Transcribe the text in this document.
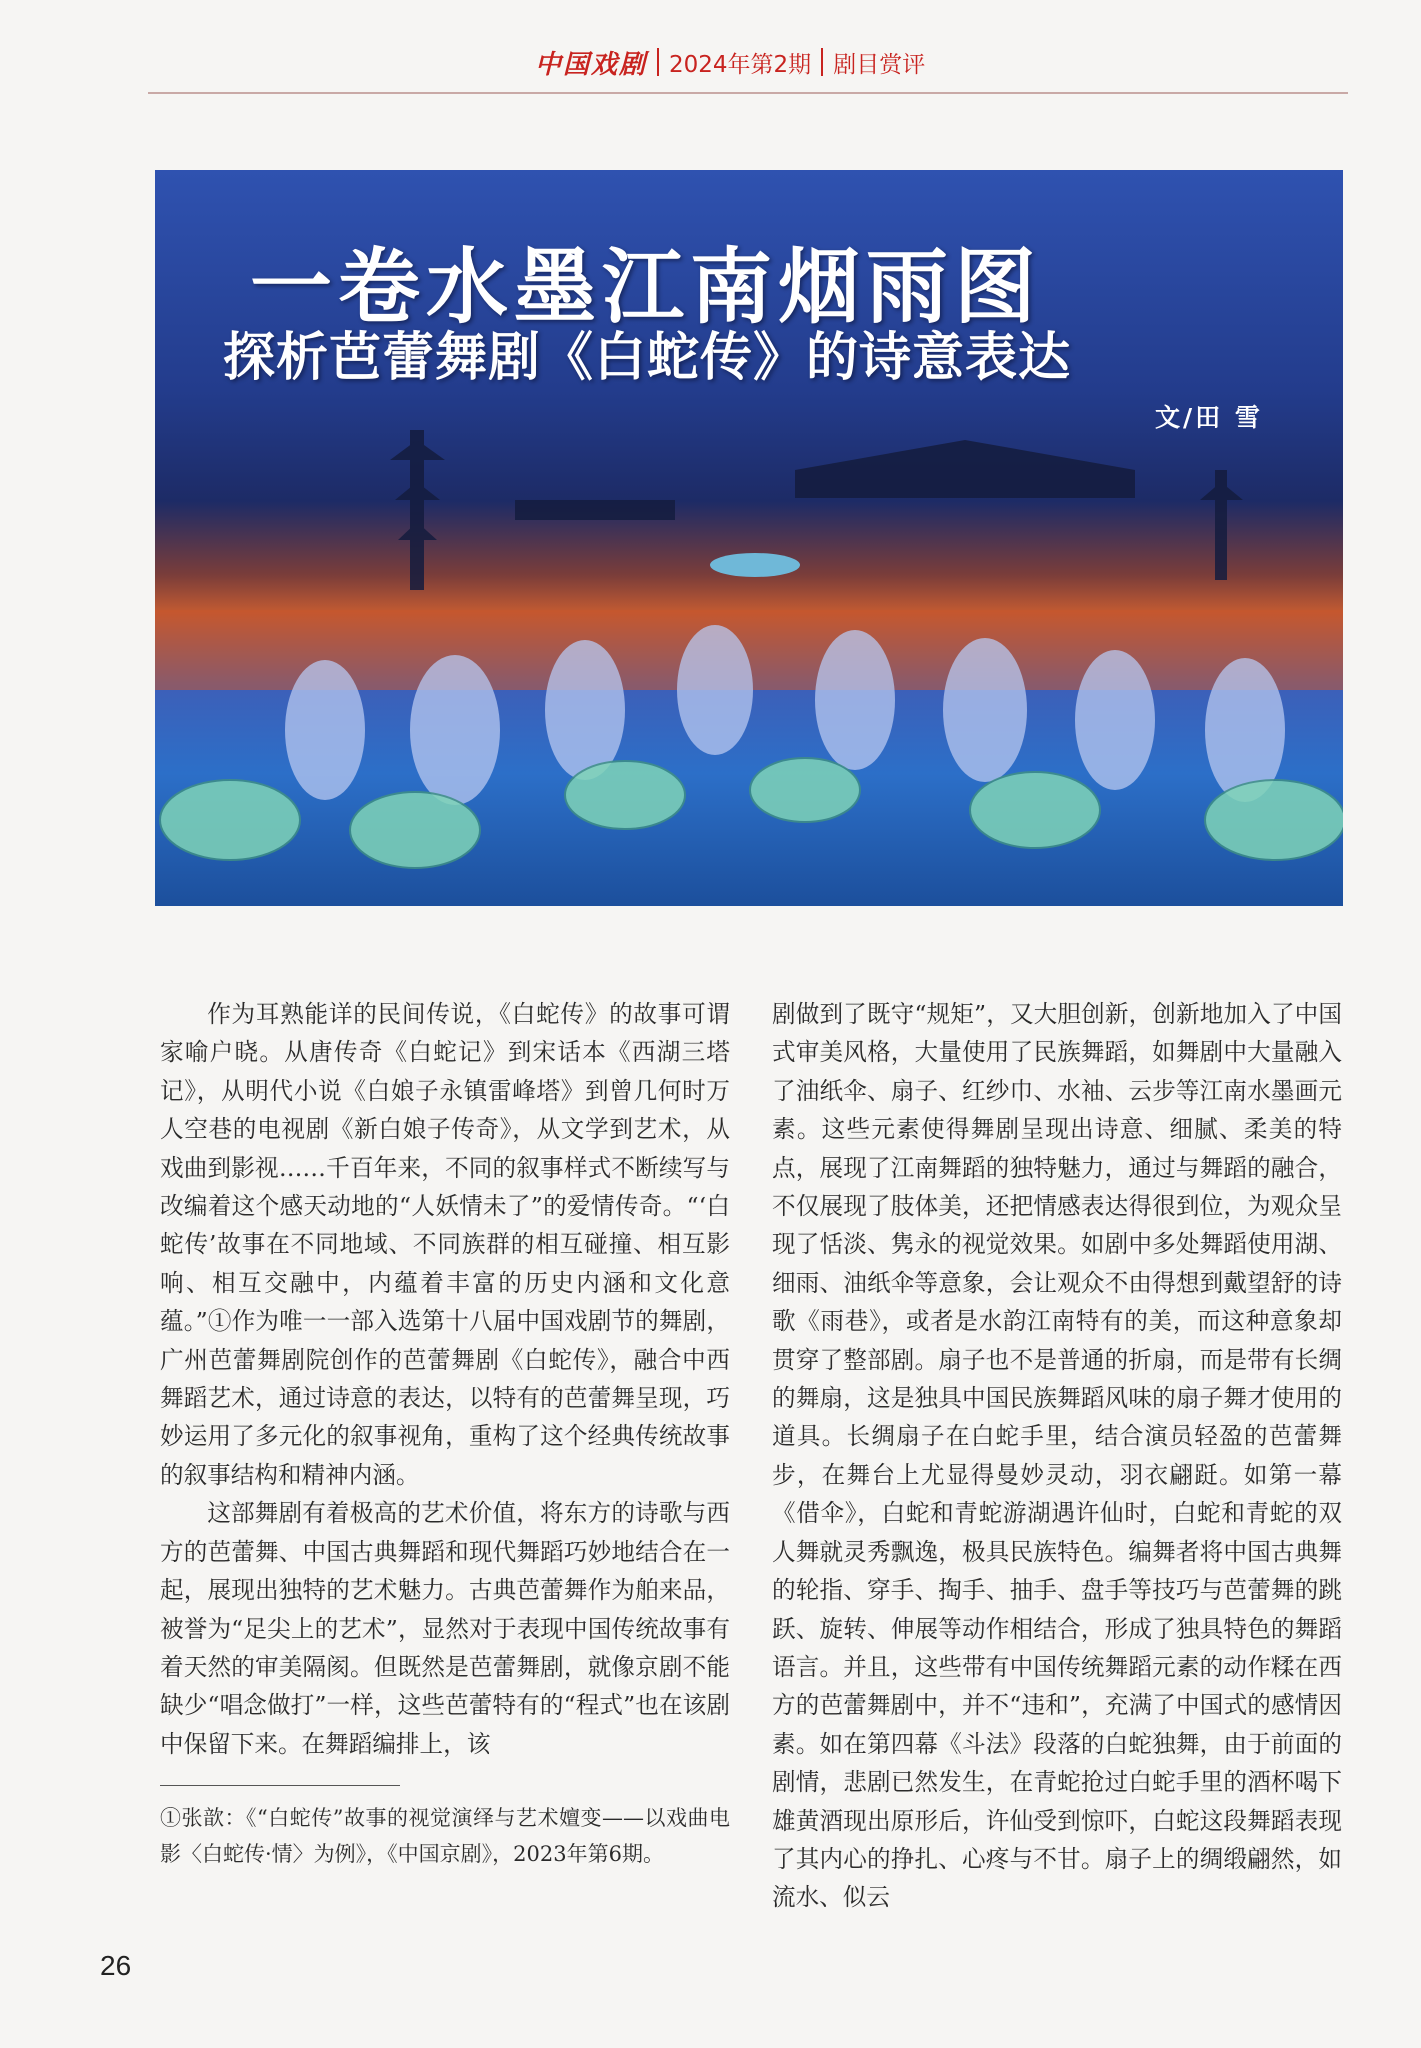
中国戏剧 2024年第2期 剧目赏评
一卷水墨江南烟雨图
探析芭蕾舞剧《白蛇传》的诗意表达
文/田 雪

作为耳熟能详的民间传说，《白蛇传》的故事可谓家喻户晓。从唐传奇《白蛇记》到宋话本《西湖三塔记》，从明代小说《白娘子永镇雷峰塔》到曾几何时万人空巷的电视剧《新白娘子传奇》，从文学到艺术，从戏曲到影视……千百年来，不同的叙事样式不断续写与改编着这个感天动地的“人妖情未了”的爱情传奇。“‘白蛇传’故事在不同地域、不同族群的相互碰撞、相互影响、相互交融中，内蕴着丰富的历史内涵和文化意蕴。”①作为唯一一部入选第十八届中国戏剧节的舞剧，广州芭蕾舞剧院创作的芭蕾舞剧《白蛇传》，融合中西舞蹈艺术，通过诗意的表达，以特有的芭蕾舞呈现，巧妙运用了多元化的叙事视角，重构了这个经典传统故事的叙事结构和精神内涵。

这部舞剧有着极高的艺术价值，将东方的诗歌与西方的芭蕾舞、中国古典舞蹈和现代舞蹈巧妙地结合在一起，展现出独特的艺术魅力。古典芭蕾舞作为舶来品，被誉为“足尖上的艺术”，显然对于表现中国传统故事有着天然的审美隔阂。但既然是芭蕾舞剧，就像京剧不能缺少“唱念做打”一样，这些芭蕾特有的“程式”也在该剧中保留下来。在舞蹈编排上，该

剧做到了既守“规矩”，又大胆创新，创新地加入了中国式审美风格，大量使用了民族舞蹈，如舞剧中大量融入了油纸伞、扇子、红纱巾、水袖、云步等江南水墨画元素。这些元素使得舞剧呈现出诗意、细腻、柔美的特点，展现了江南舞蹈的独特魅力，通过与舞蹈的融合，不仅展现了肢体美，还把情感表达得很到位，为观众呈现了恬淡、隽永的视觉效果。如剧中多处舞蹈使用湖、细雨、油纸伞等意象，会让观众不由得想到戴望舒的诗歌《雨巷》，或者是水韵江南特有的美，而这种意象却贯穿了整部剧。扇子也不是普通的折扇，而是带有长绸的舞扇，这是独具中国民族舞蹈风味的扇子舞才使用的道具。长绸扇子在白蛇手里，结合演员轻盈的芭蕾舞步，在舞台上尤显得曼妙灵动，羽衣翩跹。如第一幕《借伞》，白蛇和青蛇游湖遇许仙时，白蛇和青蛇的双人舞就灵秀飘逸，极具民族特色。编舞者将中国古典舞的轮指、穿手、掏手、抽手、盘手等技巧与芭蕾舞的跳跃、旋转、伸展等动作相结合，形成了独具特色的舞蹈语言。并且，这些带有中国传统舞蹈元素的动作糅在西方的芭蕾舞剧中，并不“违和”，充满了中国式的感情因素。如在第四幕《斗法》段落的白蛇独舞，由于前面的剧情，悲剧已然发生，在青蛇抢过白蛇手里的酒杯喝下雄黄酒现出原形后，许仙受到惊吓，白蛇这段舞蹈表现了其内心的挣扎、心疼与不甘。扇子上的绸缎翩然，如流水、似云

①张歆：《“白蛇传”故事的视觉演绎与艺术嬗变——以戏曲电影〈白蛇传·情〉为例》，《中国京剧》，2023年第6期。
26
